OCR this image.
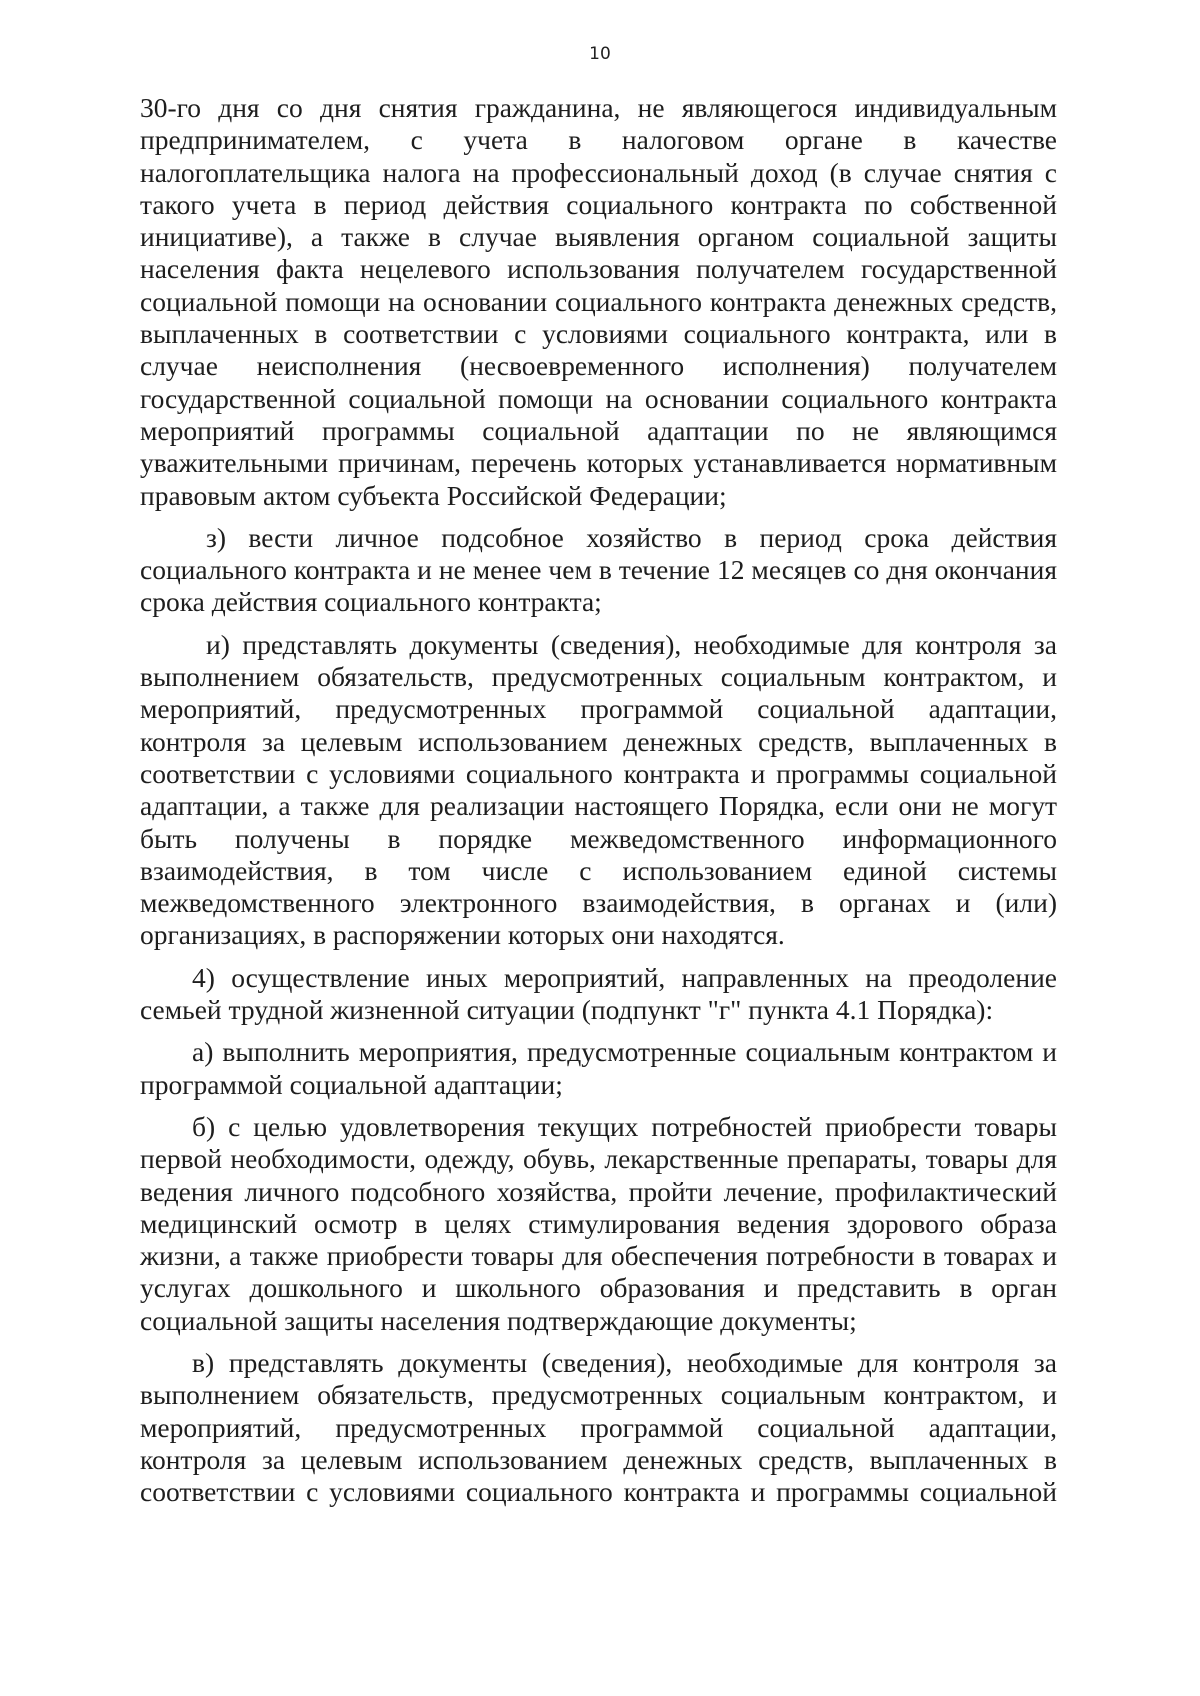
10

30-го дня со дня снятия гражданина, не являющегося индивидуальным предпринимателем, с учета в налоговом органе в качестве налогоплательщика налога на профессиональный доход (в случае снятия с такого учета в период действия социального контракта по собственной инициативе), а также в случае выявления органом социальной защиты населения факта нецелевого использования получателем государственной социальной помощи на основании социального контракта денежных средств, выплаченных в соответствии с условиями социального контракта, или в случае неисполнения (несвоевременного исполнения) получателем государственной социальной помощи на основании социального контракта мероприятий программы социальной адаптации по не являющимся уважительными причинам, перечень которых устанавливается нормативным правовым актом субъекта Российской Федерации;

з) вести личное подсобное хозяйство в период срока действия социального контракта и не менее чем в течение 12 месяцев со дня окончания срока действия социального контракта;

и) представлять документы (сведения), необходимые для контроля за выполнением обязательств, предусмотренных социальным контрактом, и мероприятий, предусмотренных программой социальной адаптации, контроля за целевым использованием денежных средств, выплаченных в соответствии с условиями социального контракта и программы социальной адаптации, а также для реализации настоящего Порядка, если они не могут быть получены в порядке межведомственного информационного взаимодействия, в том числе с использованием единой системы межведомственного электронного взаимодействия, в органах и (или) организациях, в распоряжении которых они находятся.

4) осуществление иных мероприятий, направленных на преодоление семьей трудной жизненной ситуации (подпункт "г" пункта 4.1 Порядка):

а) выполнить мероприятия, предусмотренные социальным контрактом и программой социальной адаптации;

б) с целью удовлетворения текущих потребностей приобрести товары первой необходимости, одежду, обувь, лекарственные препараты, товары для ведения личного подсобного хозяйства, пройти лечение, профилактический медицинский осмотр в целях стимулирования ведения здорового образа жизни, а также приобрести товары для обеспечения потребности в товарах и услугах дошкольного и школьного образования и представить в орган социальной защиты населения подтверждающие документы;

в) представлять документы (сведения), необходимые для контроля за выполнением обязательств, предусмотренных социальным контрактом, и мероприятий, предусмотренных программой социальной адаптации, контроля за целевым использованием денежных средств, выплаченных в соответствии с условиями социального контракта и программы социальной
